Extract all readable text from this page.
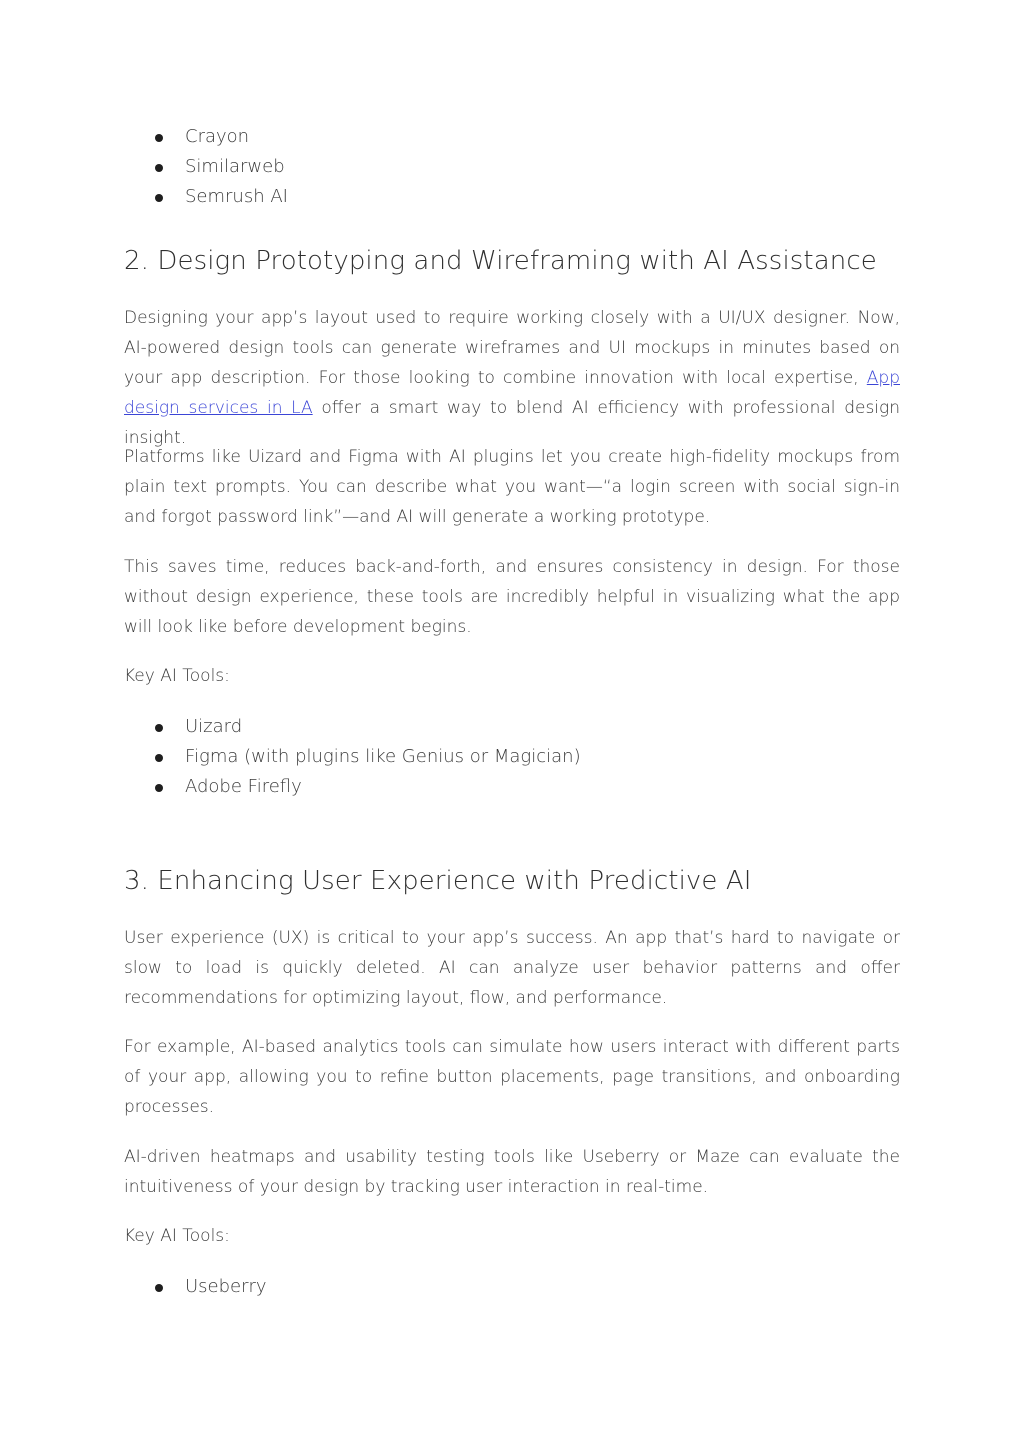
Crayon
Similarweb
Semrush AI
2. Design Prototyping and Wireframing with AI Assistance

Designing your app’s layout used to require working closely with a UI/UX designer. Now, AI-powered design tools can generate wireframes and UI mockups in minutes based on your app description. For those looking to combine innovation with local expertise, App design services in LA offer a smart way to blend AI efficiency with professional design insight.

Platforms like Uizard and Figma with AI plugins let you create high-fidelity mockups from plain text prompts. You can describe what you want—“a login screen with social sign-in and forgot password link”—and AI will generate a working prototype.

This saves time, reduces back-and-forth, and ensures consistency in design. For those without design experience, these tools are incredibly helpful in visualizing what the app will look like before development begins.

Key AI Tools:

Uizard
Figma (with plugins like Genius or Magician)
Adobe Firefly
3. Enhancing User Experience with Predictive AI

User experience (UX) is critical to your app’s success. An app that’s hard to navigate or slow to load is quickly deleted. AI can analyze user behavior patterns and offer recommendations for optimizing layout, flow, and performance.

For example, AI-based analytics tools can simulate how users interact with different parts of your app, allowing you to refine button placements, page transitions, and onboarding processes.

AI-driven heatmaps and usability testing tools like Useberry or Maze can evaluate the intuitiveness of your design by tracking user interaction in real-time.

Key AI Tools:

Useberry
